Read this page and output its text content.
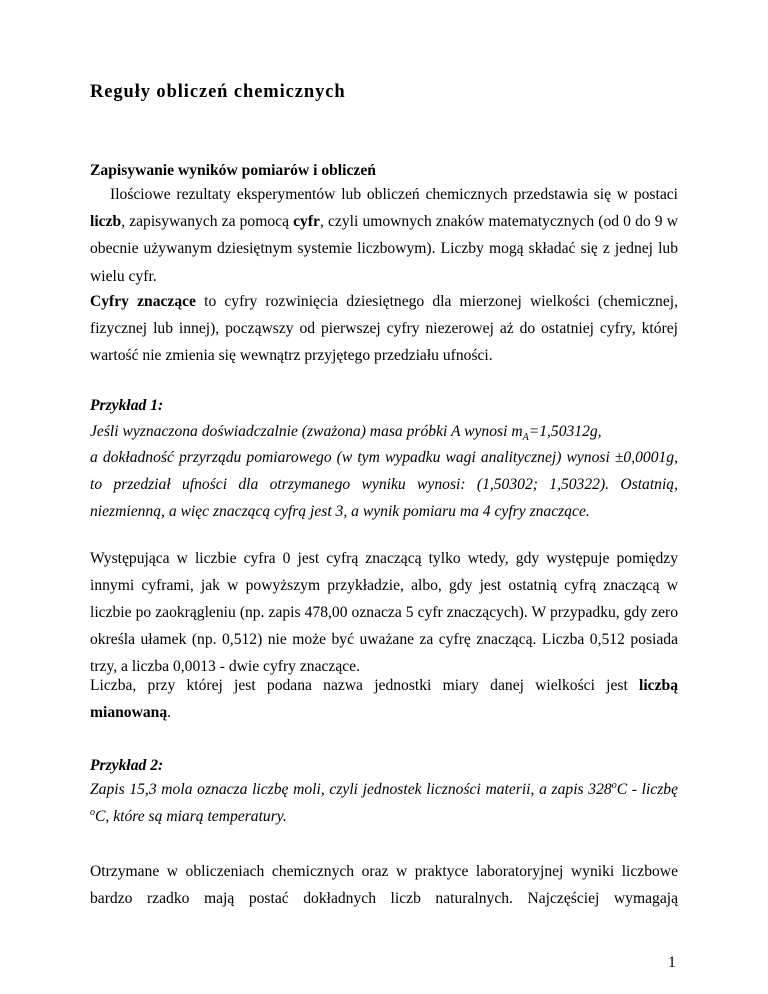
Reguły obliczeń chemicznych
Zapisywanie wyników pomiarów i obliczeń
Ilościowe rezultaty eksperymentów lub obliczeń chemicznych przedstawia się w postaci
liczb, zapisywanych za pomocą cyfr, czyli umownych znaków matematycznych (od 0 do 9 w
obecnie używanym dziesiętnym systemie liczbowym). Liczby mogą składać się z jednej lub
wielu cyfr.
Cyfry znaczące to cyfry rozwinięcia dziesiętnego dla mierzonej wielkości (chemicznej,
fizycznej lub innej), począwszy od pierwszej cyfry niezerowej aż do ostatniej cyfry, której
wartość nie zmienia się wewnątrz przyjętego przedziału ufności.
Przykład 1:
Jeśli wyznaczona doświadczalnie (zważona) masa próbki A wynosi $m_A=1,50312g$,
a dokładność przyrządu pomiarowego (w tym wypadku wagi analitycznej) wynosi ±0,0001g,
to przedział ufności dla otrzymanego wyniku wynosi: (1,50302; 1,50322). Ostatnią,
niezmienną, a więc znaczącą cyfrą jest 3, a wynik pomiaru ma 4 cyfry znaczące.
Występująca w liczbie cyfra 0 jest cyfrą znaczącą tylko wtedy, gdy występuje pomiędzy
innymi cyframi, jak w powyższym przykładzie, albo, gdy jest ostatnią cyfrą znaczącą w
liczbie po zaokrągleniu (np. zapis 478,00 oznacza 5 cyfr znaczących). W przypadku, gdy zero
określa ułamek (np. 0,512) nie może być uważane za cyfrę znaczącą. Liczba 0,512 posiada
trzy, a liczba 0,0013 - dwie cyfry znaczące.
Liczba, przy której jest podana nazwa jednostki miary danej wielkości jest liczbą
mianowaną.
Przykład 2:
Zapis 15,3 mola oznacza liczbę moli, czyli jednostek liczności materii, a zapis 328$^o$C - liczbę
$^o$C, które są miarą temperatury.
Otrzymane w obliczeniach chemicznych oraz w praktyce laboratoryjnej wyniki liczbowe
bardzo rzadko mają postać dokładnych liczb naturalnych. Najczęściej wymagają
1
